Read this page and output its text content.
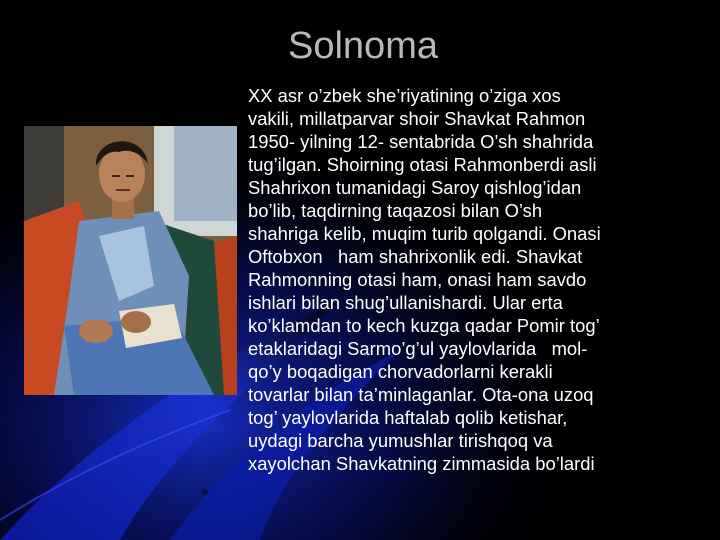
Solnoma
XX asr o’zbek she’riyatining o’ziga xos
vakili, millatparvar shoir Shavkat Rahmon
1950- yilning 12- sentabrida O’sh shahrida
tug’ilgan. Shoirning otasi Rahmonberdi asli
Shahrixon tumanidagi Saroy qishlog’idan
bo’lib, taqdirning taqazosi bilan O’sh
shahriga kelib, muqim turib qolgandi. Onasi
Oftobxon   ham shahrixonlik edi. Shavkat
Rahmonning otasi ham, onasi ham savdo
ishlari bilan shug’ullanishardi. Ular erta
ko’klamdan to kech kuzga qadar Pomir tog’
etaklaridagi Sarmo’g’ul yaylovlarida   mol-
qo’y boqadigan chorvadorlarni kerakli
tovarlar bilan ta’minlaganlar. Ota-ona uzoq
tog’ yaylovlarida haftalab qolib ketishar,
uydagi barcha yumushlar tirishqoq va
xayolchan Shavkatning zimmasida bo’lardi
